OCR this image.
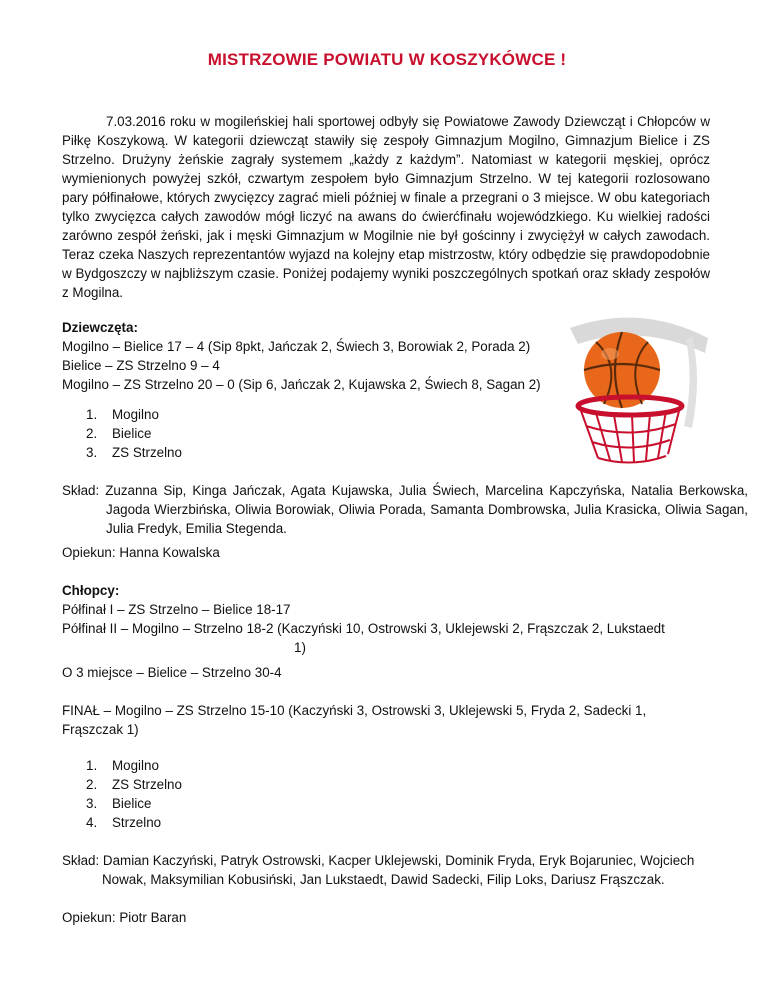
MISTRZOWIE POWIATU W KOSZYKÓWCE !

7.03.2016 roku w mogileńskiej hali sportowej odbyły się Powiatowe Zawody Dziewcząt i Chłopców w Piłkę Koszykową. W kategorii dziewcząt stawiły się zespoły Gimnazjum Mogilno, Gimnazjum Bielice i ZS Strzelno. Drużyny żeńskie zagrały systemem „każdy z każdym”. Natomiast w kategorii męskiej, oprócz wymienionych powyżej szkół, czwartym zespołem było Gimnazjum Strzelno. W tej kategorii rozlosowano pary półfinałowe, których zwycięzcy zagrać mieli później w finale a przegrani o 3 miejsce. W obu kategoriach tylko zwycięzca całych zawodów mógł liczyć na awans do ćwierćfinału wojewódzkiego. Ku wielkiej radości zarówno zespół żeński, jak i męski Gimnazjum w Mogilnie nie był gościnny i zwyciężył w całych zawodach. Teraz czeka Naszych reprezentantów wyjazd na kolejny etap mistrzostw, który odbędzie się prawdopodobnie w Bydgoszczy w najbliższym czasie. Poniżej podajemy wyniki poszczególnych spotkań oraz składy zespołów z Mogilna.

Dziewczęta:
Mogilno – Bielice 17 – 4 (Sip 8pkt, Jańczak 2, Świech 3, Borowiak 2, Porada 2)
Bielice – ZS Strzelno 9 – 4
Mogilno – ZS Strzelno 20 – 0 (Sip 6, Jańczak 2, Kujawska 2, Świech 8, Sagan 2)
1. Mogilno
2. Bielice
3. ZS Strzelno
Skład: Zuzanna Sip, Kinga Jańczak, Agata Kujawska, Julia Świech, Marcelina Kapczyńska, Natalia Berkowska, Jagoda Wierzbińska, Oliwia Borowiak, Oliwia Porada, Samanta Dombrowska, Julia Krasicka, Oliwia Sagan, Julia Fredyk, Emilia Stegenda.
Opiekun: Hanna Kowalska
Chłopcy:
Półfinał I – ZS Strzelno – Bielice 18-17
Półfinał II – Mogilno – Strzelno 18-2 (Kaczyński 10, Ostrowski 3, Uklejewski 2, Frąszczak 2, Lukstaedt
1)
O 3 miejsce – Bielice – Strzelno 30-4
FINAŁ – Mogilno – ZS Strzelno 15-10 (Kaczyński 3, Ostrowski 3, Uklejewski 5, Fryda 2, Sadecki 1, Frąszczak 1)
1. Mogilno
2. ZS Strzelno
3. Bielice
4. Strzelno
Skład: Damian Kaczyński, Patryk Ostrowski, Kacper Uklejewski, Dominik Fryda, Eryk Bojaruniec, Wojciech Nowak, Maksymilian Kobusiński, Jan Lukstaedt, Dawid Sadecki, Filip Loks, Dariusz Frąszczak.
Opiekun: Piotr Baran
